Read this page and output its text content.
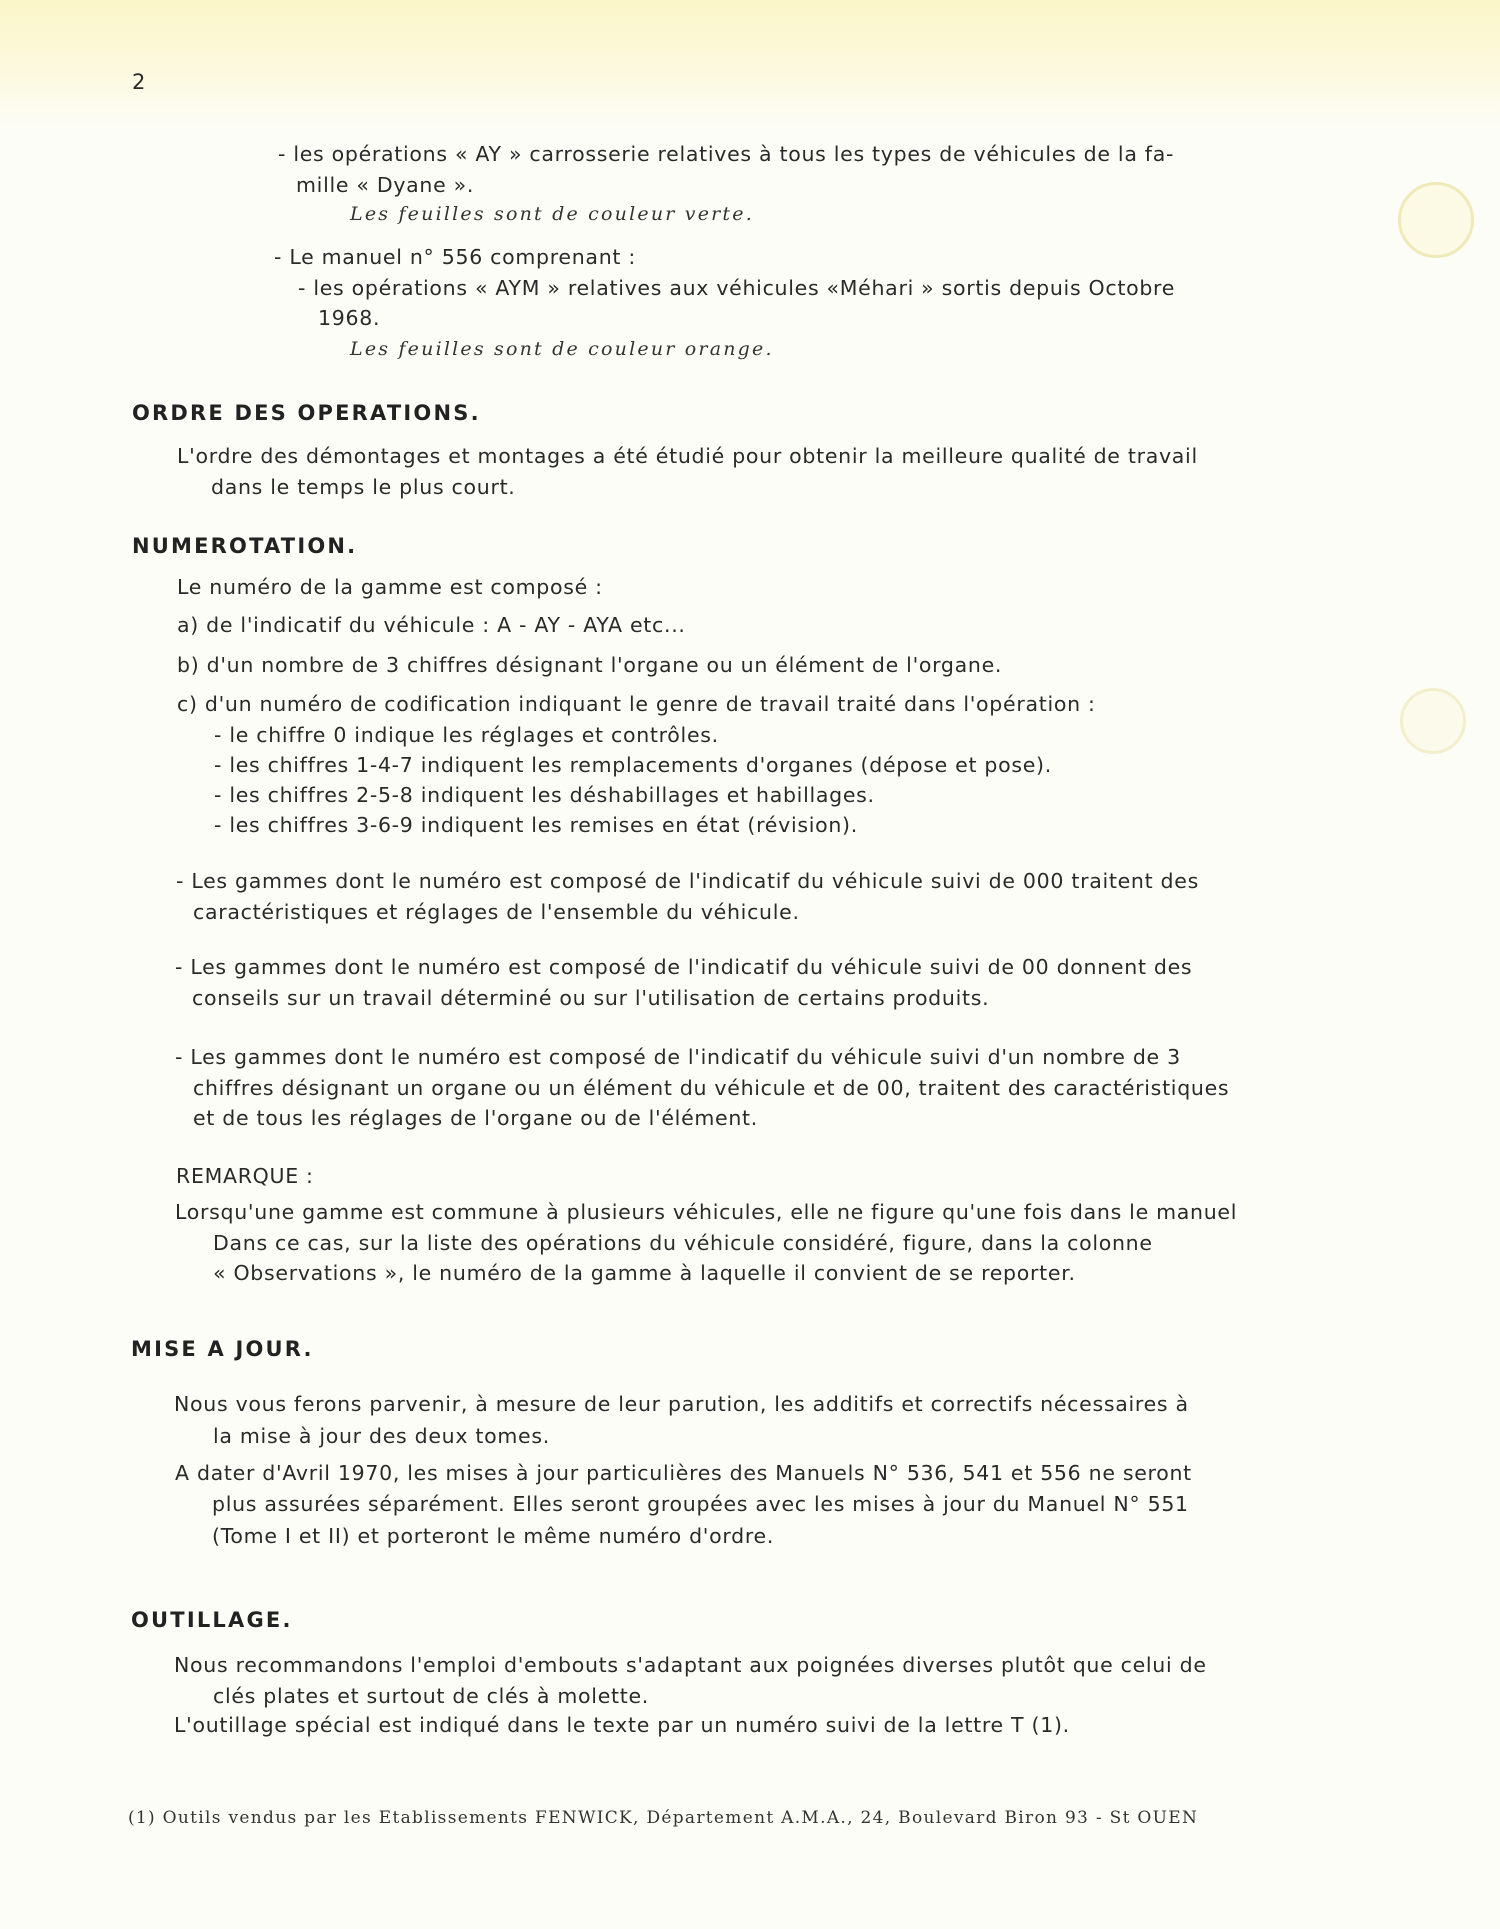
2

- les opérations « AY » carrosserie relatives à tous les types de véhicules de la fa-

mille « Dyane ».

Les feuilles sont de couleur verte.

- Le manuel n° 556 comprenant :

- les opérations « AYM » relatives aux véhicules «Méhari » sortis depuis Octobre

1968.

Les feuilles sont de couleur orange.

ORDRE DES OPERATIONS.

L'ordre des démontages et montages a été étudié pour obtenir la meilleure qualité de travail

dans le temps le plus court.

NUMEROTATION.

Le numéro de la gamme est composé :

a) de l'indicatif du véhicule : A - AY - AYA etc...

b) d'un nombre de 3 chiffres désignant l'organe ou un élément de l'organe.

c) d'un numéro de codification indiquant le genre de travail traité dans l'opération :

- le chiffre 0 indique les réglages et contrôles.

- les chiffres 1-4-7 indiquent les remplacements d'organes (dépose et pose).

- les chiffres 2-5-8 indiquent les déshabillages et habillages.

- les chiffres 3-6-9 indiquent les remises en état (révision).

- Les gammes dont le numéro est composé de l'indicatif du véhicule suivi de 000 traitent des

caractéristiques et réglages de l'ensemble du véhicule.

- Les gammes dont le numéro est composé de l'indicatif du véhicule suivi de 00 donnent des

conseils sur un travail déterminé ou sur l'utilisation de certains produits.

- Les gammes dont le numéro est composé de l'indicatif du véhicule suivi d'un nombre de 3

chiffres désignant un organe ou un élément du véhicule et de 00, traitent des caractéristiques

et de tous les réglages de l'organe ou de l'élément.

REMARQUE :

Lorsqu'une gamme est commune à plusieurs véhicules, elle ne figure qu'une fois dans le manuel

Dans ce cas, sur la liste des opérations du véhicule considéré, figure, dans la colonne

« Observations », le numéro de la gamme à laquelle il convient de se reporter.

MISE A JOUR.

Nous vous ferons parvenir, à mesure de leur parution, les additifs et correctifs nécessaires à

la mise à jour des deux tomes.

A dater d'Avril 1970, les mises à jour particulières des Manuels N° 536, 541 et 556 ne seront

plus assurées séparément. Elles seront groupées avec les mises à jour du Manuel N° 551

(Tome I et II) et porteront le même numéro d'ordre.

OUTILLAGE.

Nous recommandons l'emploi d'embouts s'adaptant aux poignées diverses plutôt que celui de

clés plates et surtout de clés à molette.

L'outillage spécial est indiqué dans le texte par un numéro suivi de la lettre T (1).

(1) Outils vendus par les Etablissements FENWICK, Département A.M.A., 24, Boulevard Biron 93 - St OUEN
